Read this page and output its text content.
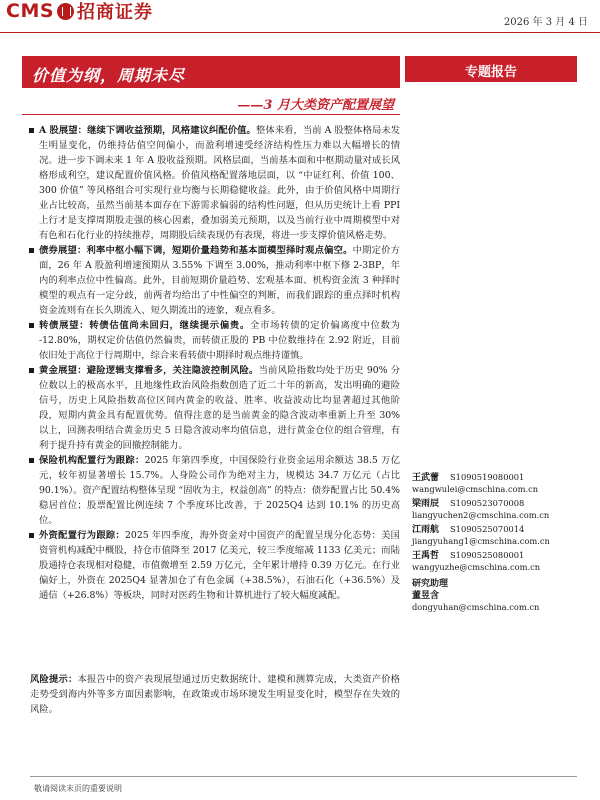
CMS 招商证券	2026 年 3 月 4 日
价值为纲，周期未尽	专题报告
——3 月大类资产配置展望
A 股展望：继续下调收益预期，风格建议纠配价值。整体来看，当前 A 股整体格局未发生明显变化，仍维持估值空间偏小，而盈利增速受经济结构性压力难以大幅增长的情况。进一步下调未来 1 年 A 股收益预期。风格层面，当前基本面和中枢期动量对成长风格形成利空，建议配置价值风格。价值风格配置落地层面，以 “中证红利、价值 100、300 价值” 等风格组合可实现行业均衡与长期稳健收益。此外，由于价值风格中周期行业占比较高，虽然当前基本面存在下游需求偏弱的结构性问题，但从历史统计上看 PPI 上行才是支撑周期股走强的核心因素，叠加弱美元预期，以及当前行业中周期模型中对有色和石化行业的持续推荐，周期股后续表现仍有表现，将进一步支撑价值风格走势。
债券展望：利率中枢小幅下调，短期价量趋势和基本面模型择时观点偏空。中期定价方面，26 年 A 股盈利增速预期从 3.55% 下调至 3.00%，推动利率中枢下修 2-3BP，年内的利率点位中性偏高。此外，目前短期价量趋势、宏观基本面、机构资金流 3 种择时模型的观点有一定分歧，前两者均给出了中性偏空的判断，而我们跟踪的重点择时机构资金流则有在长久期流入、短久期流出的迹象，观点看多。
转债展望：转债估值尚未回归，继续提示偏贵。全市场转债的定价偏离度中位数为 -12.80%，期权定价估值仍然偏贵，而转债正股的 PB 中位数维持在 2.92 附近，目前依旧处于高位于行周期中，综合来看转债中期择时观点维持谨慎。
黄金展望：避险逻辑支撑看多，关注隐波控制风险。当前风险指数均处于历史 90% 分位数以上的极高水平，且地缘性政治风险指数创造了近二十年的新高，发出明确的避险信号，历史上风险指数高位区间内黄金的收益、胜率、收益波动比均显著超过其他阶段，短期内黄金具有配置优势。值得注意的是当前黄金的隐含波动率重新上升至 30% 以上，回测表明结合黄金历史 5 日隐含波动率均值信息，进行黄金仓位的组合管理，有利于提升持有黄金的回撤控制能力。
保险机构配置行为跟踪：2025 年第四季度，中国保险行业资金运用余额达 38.5 万亿元，较年初显著增长 15.7%。人身险公司作为绝对主力，规模达 34.7 万亿元（占比 90.1%）。资产配置结构整体呈现 “固收为主，权益创高” 的特点：债券配置占比 50.4% 稳居首位；股票配置比例连续 7 个季度环比改善，于 2025Q4 达到 10.1% 的历史高位。
外资配置行为跟踪：2025 年四季度，海外资金对中国资产的配置呈现分化态势：美国资管机构减配中概股，持仓市值降至 2017 亿美元，较三季度缩减 1133 亿美元；而陆股通持仓表现相对稳健，市值微增至 2.59 万亿元，全年累计增持 0.39 万亿元。在行业偏好上，外资在 2025Q4 显著加仓了有色金属（+38.5%），石油石化（+36.5%）及通信（+26.8%）等板块，同时对医药生物和计算机进行了较大幅度减配。
风险提示：本报告中的资产表现展望通过历史数据统计、建模和测算完成，大类资产价格走势受到海内外等多方面因素影响，在政策或市场环境发生明显变化时，模型存在失效的风险。
王武蕾 S1090519080001
wangwulei@cmschina.com.cn
梁雨辰 S1090523070008
liangyuchen2@cmschina.com.cn
江雨航 S1090525070014
jiangyuhang1@cmschina.com.cn
王禹哲 S1090525080001
wangyuzhe@cmschina.com.cn
研究助理
董昱含
dongyuhan@cmschina.com.cn
敬请阅读末页的重要说明
